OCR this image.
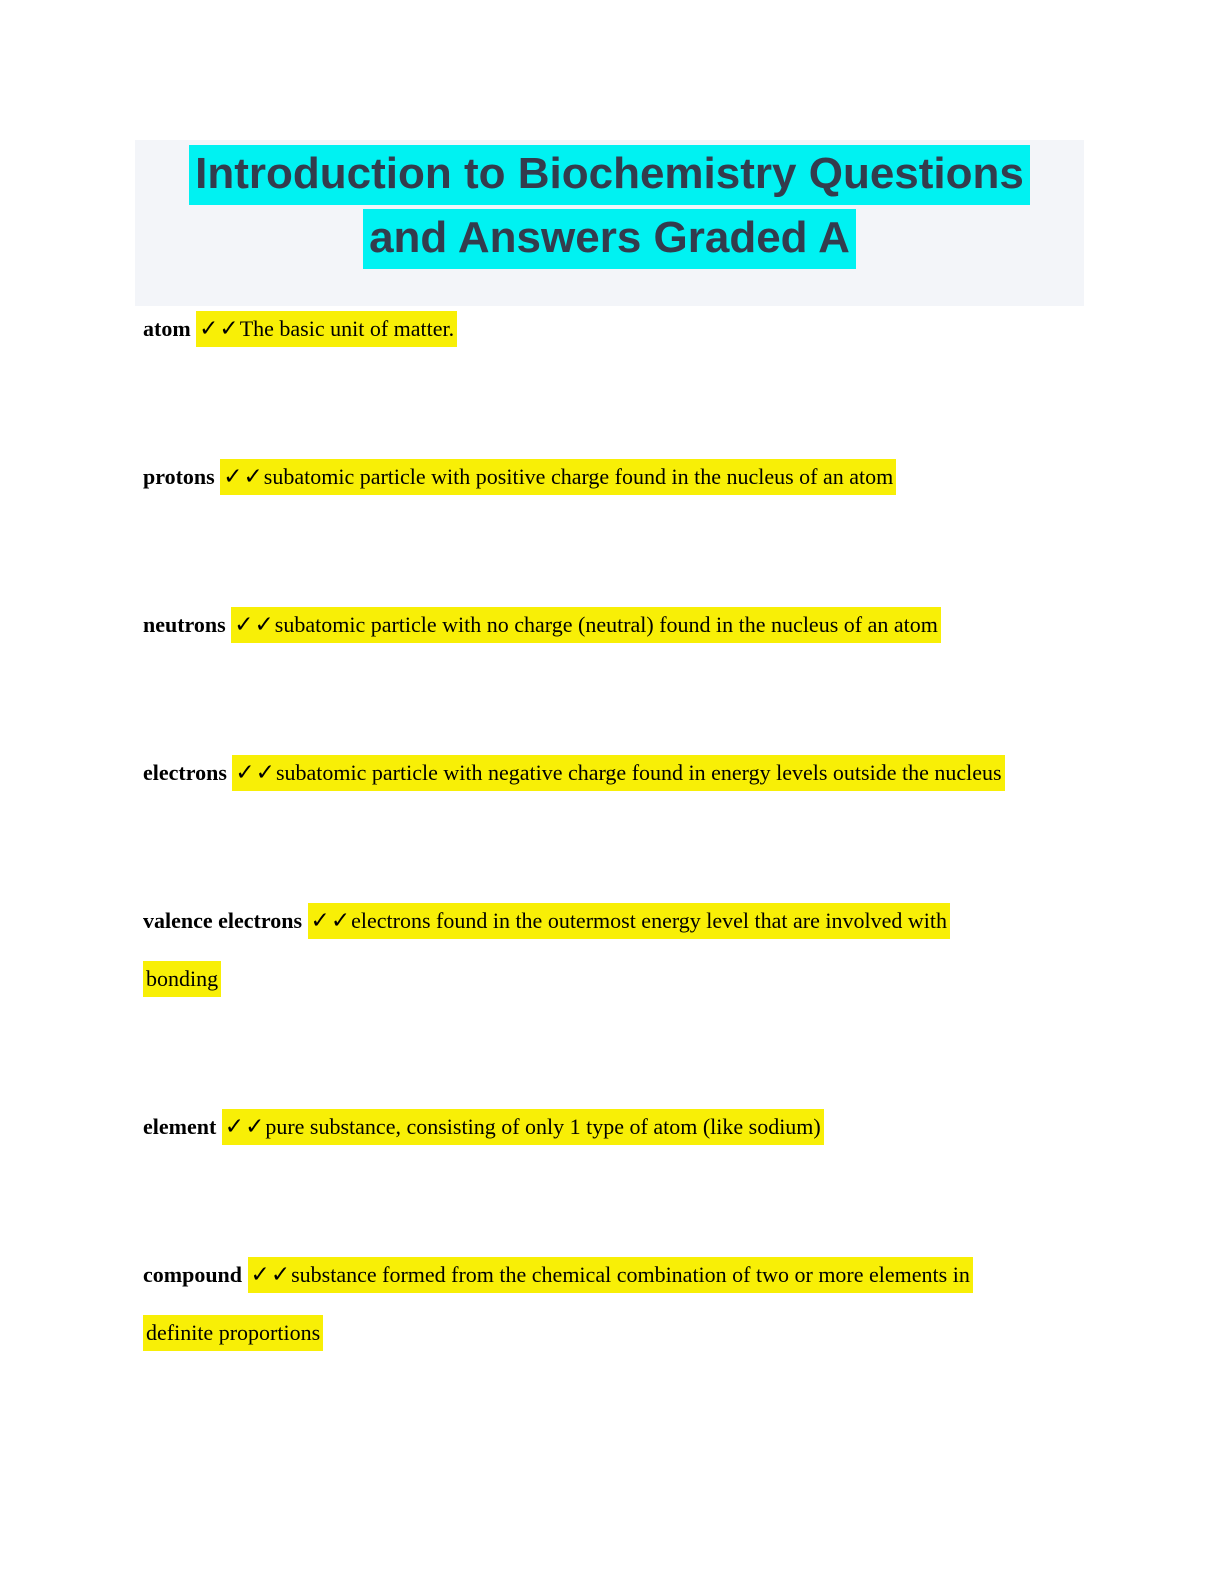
Introduction to Biochemistry Questions
and Answers Graded A
atom ✓✓The basic unit of matter.
protons ✓✓subatomic particle with positive charge found in the nucleus of an atom
neutrons ✓✓subatomic particle with no charge (neutral) found in the nucleus of an atom
electrons ✓✓subatomic particle with negative charge found in energy levels outside the nucleus
valence electrons ✓✓electrons found in the outermost energy level that are involved with
bonding
element ✓✓pure substance, consisting of only 1 type of atom (like sodium)
compound ✓✓substance formed from the chemical combination of two or more elements in
definite proportions
